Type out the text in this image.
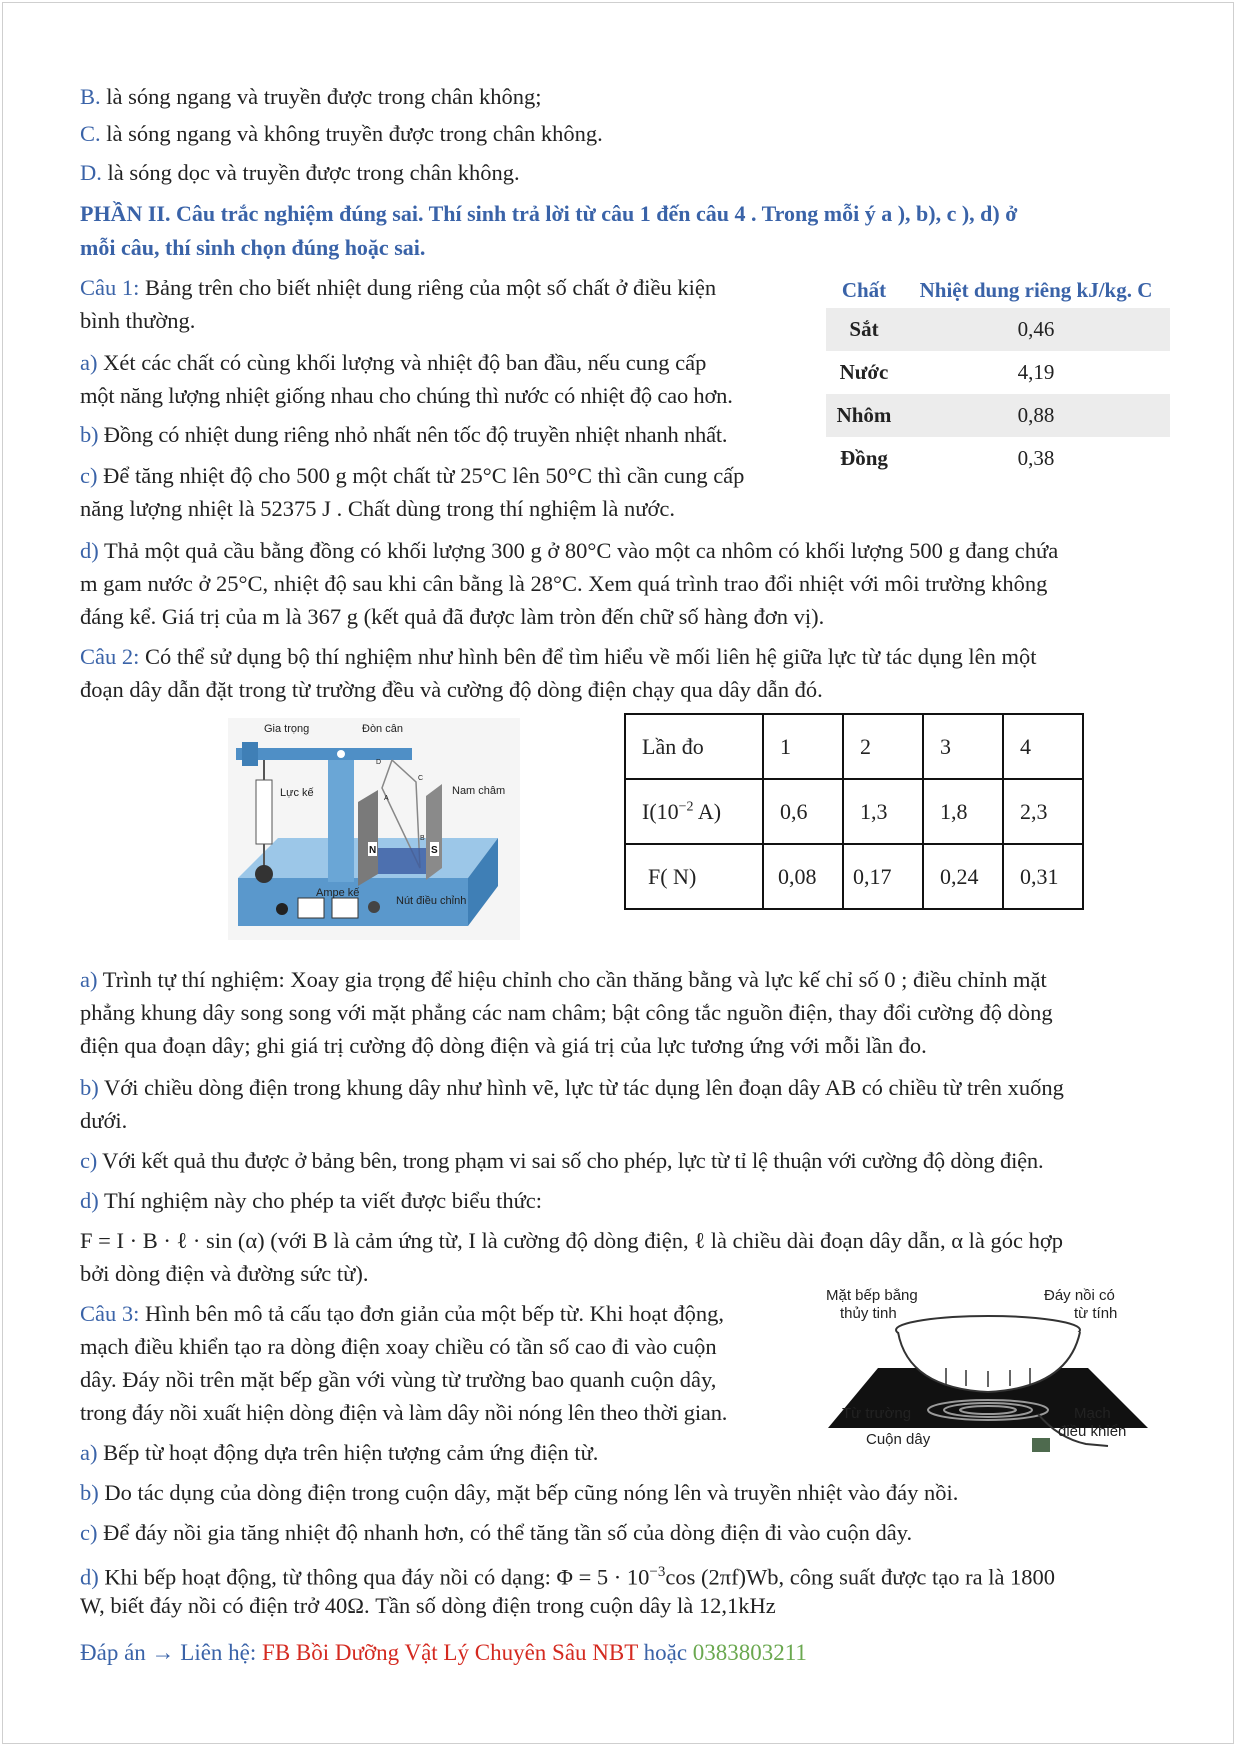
B. là sóng ngang và truyền được trong chân không;
C. là sóng ngang và không truyền được trong chân không.
D. là sóng dọc và truyền được trong chân không.
PHẦN II. Câu trắc nghiệm đúng sai. Thí sinh trả lời từ câu 1 đến câu 4 . Trong mỗi ý a ), b), c ), d) ở
mỗi câu, thí sinh chọn đúng hoặc sai.
Câu 1: Bảng trên cho biết nhiệt dung riêng của một số chất ở điều kiện
bình thường.
a) Xét các chất có cùng khối lượng và nhiệt độ ban đầu, nếu cung cấp
một năng lượng nhiệt giống nhau cho chúng thì nước có nhiệt độ cao hơn.
b) Đồng có nhiệt dung riêng nhỏ nhất nên tốc độ truyền nhiệt nhanh nhất.
c) Để tăng nhiệt độ cho 500 g một chất từ 25°C lên 50°C thì cần cung cấp
năng lượng nhiệt là 52375 J . Chất dùng trong thí nghiệm là nước.
d) Thả một quả cầu bằng đồng có khối lượng 300 g ở 80°C vào một ca nhôm có khối lượng 500 g đang chứa
m gam nước ở 25°C, nhiệt độ sau khi cân bằng là 28°C. Xem quá trình trao đổi nhiệt với môi trường không
đáng kể. Giá trị của m là 367 g (kết quả đã được làm tròn đến chữ số hàng đơn vị).
Chất	Nhiệt dung riêng kJ/kg. C
Sắt	0,46
Nước	4,19
Nhôm	0,88
Đồng	0,38
Câu 2: Có thể sử dụng bộ thí nghiệm như hình bên để tìm hiểu về mối liên hệ giữa lực từ tác dụng lên một
đoạn dây dẫn đặt trong từ trường đều và cường độ dòng điện chạy qua dây dẫn đó.
Gia trọng	Đòn cân
Lực kế	Nam châm
Ampe kế
Nút điều chỉnh
D
C
A
B
N	S
Lần đo	1	2	3	4
$I(10^{-2}$ A)	0,6	1,3	1,8	2,3
F( N)	0,08	0,17	0,24	0,31
a) Trình tự thí nghiệm: Xoay gia trọng để hiệu chỉnh cho cần thăng bằng và lực kế chỉ số 0 ; điều chỉnh mặt
phẳng khung dây song song với mặt phẳng các nam châm; bật công tắc nguồn điện, thay đổi cường độ dòng
điện qua đoạn dây; ghi giá trị cường độ dòng điện và giá trị của lực tương ứng với mỗi lần đo.
b) Với chiều dòng điện trong khung dây như hình vẽ, lực từ tác dụng lên đoạn dây AB có chiều từ trên xuống
dưới.
c) Với kết quả thu được ở bảng bên, trong phạm vi sai số cho phép, lực từ tỉ lệ thuận với cường độ dòng điện.
d) Thí nghiệm này cho phép ta viết được biểu thức:
F = I · B · ℓ · sin (α) (với B là cảm ứng từ, I là cường độ dòng điện, ℓ là chiều dài đoạn dây dẫn, α là góc hợp
bởi dòng điện và đường sức từ).
Câu 3: Hình bên mô tả cấu tạo đơn giản của một bếp từ. Khi hoạt động,
mạch điều khiển tạo ra dòng điện xoay chiều có tần số cao đi vào cuộn
dây. Đáy nồi trên mặt bếp gần với vùng từ trường bao quanh cuộn dây,
trong đáy nồi xuất hiện dòng điện và làm dây nồi nóng lên theo thời gian.
a) Bếp từ hoạt động dựa trên hiện tượng cảm ứng điện từ.
Mặt bếp bằng
thủy tinh
Đáy nồi có
từ tính
Từ trường
Cuộn dây
Mạch
điều khiển
b) Do tác dụng của dòng điện trong cuộn dây, mặt bếp cũng nóng lên và truyền nhiệt vào đáy nồi.
c) Để đáy nồi gia tăng nhiệt độ nhanh hơn, có thể tăng tần số của dòng điện đi vào cuộn dây.
d) Khi bếp hoạt động, từ thông qua đáy nồi có dạng: $\Phi = 5 \cdot 10^{-3}\cos$ (2πf)Wb, công suất được tạo ra là 1800
W, biết đáy nồi có điện trở 40Ω. Tần số dòng điện trong cuộn dây là 12,1kHz
Đáp án → Liên hệ: FB Bồi Dưỡng Vật Lý Chuyên Sâu NBT hoặc 0383803211
